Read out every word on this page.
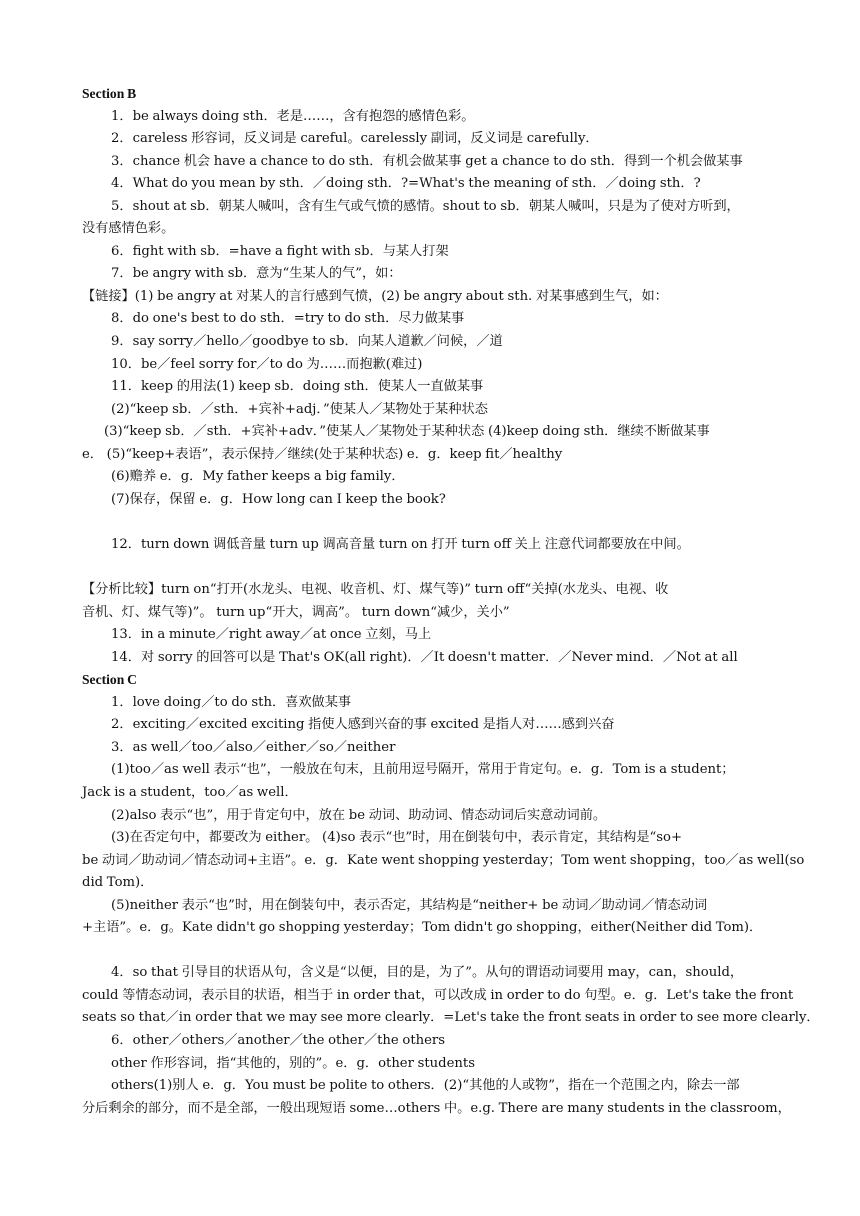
Section B
1．be always doing sth．老是……，含有抱怨的感情色彩。
2．careless 形容词，反义词是 careful。carelessly 副词，反义词是 carefully．
3．chance 机会 have a chance to do sth．有机会做某事 get a chance to do sth．得到一个机会做某事
4．What do you mean by sth．／doing sth．?=What's the meaning of sth．／doing sth．?
5．shout at sb．朝某人喊叫，含有生气或气愤的感情。shout to sb．朝某人喊叫，只是为了使对方听到，
没有感情色彩。
6．fight with sb．=have a fight with sb．与某人打架
7．be angry with sb．意为“生某人的气”，如：
【链接】(1) be angry at 对某人的言行感到气愤，(2) be angry about sth. 对某事感到生气，如：
8．do one's best to do sth．=try to do sth．尽力做某事
9．say sorry／hello／goodbye to sb．向某人道歉／问候，／道
10．be／feel sorry for／to do 为……而抱歉(难过)
11．keep 的用法(1) keep sb．doing sth．使某人一直做某事
(2)“keep sb．／sth．+宾补+adj．”使某人／某物处于某种状态
(3)“keep sb．／sth．+宾补+adv．”使某人／某物处于某种状态 (4)keep doing sth．继续不断做某事
e． (5)“keep+表语”，表示保持／继续(处于某种状态) e．g．keep fit／healthy
(6)赡养 e．g．My father keeps a big family．
(7)保存，保留 e．g．How long can I keep the book?
12．turn down 调低音量 turn up 调高音量 turn on 打开 turn off 关上 注意代词都要放在中间。
【分析比较】turn on“打开(水龙头、电视、收音机、灯、煤气等)” turn off“关掉(水龙头、电视、收
音机、灯、煤气等)”。 turn up“开大，调高”。 turn down“减少，关小”
13．in a minute／right away／at once 立刻，马上
14．对 sorry 的回答可以是 That's OK(all right)．／It doesn't matter．／Never mind．／Not at all
Section C
1．love doing／to do sth．喜欢做某事
2．exciting／excited exciting 指使人感到兴奋的事 excited 是指人对……感到兴奋
3．as well／too／also／either／so／neither
(1)too／as well 表示“也”，一般放在句末，且前用逗号隔开，常用于肯定句。e．g．Tom is a student；
Jack is a student，too／as well．
(2)also 表示“也”，用于肯定句中，放在 be 动词、助动词、情态动词后实意动词前。
(3)在否定句中，都要改为 either。 (4)so 表示“也”时，用在倒装句中，表示肯定，其结构是“so+
be 动词／助动词／情态动词+主语”。e．g．Kate went shopping yesterday；Tom went shopping，too／as well(so
did Tom)．
(5)neither 表示“也”时，用在倒装句中，表示否定，其结构是“neither+ be 动词／助动词／情态动词
+主语”。e．g。Kate didn't go shopping yesterday；Tom didn't go shopping，either(Neither did Tom)．
4．so that 引导目的状语从句，含义是“以便，目的是，为了”。从句的谓语动词要用 may，can，should，
could 等情态动词，表示目的状语，相当于 in order that，可以改成 in order to do 句型。e．g．Let's take the front
seats so that／in order that we may see more clearly．=Let's take the front seats in order to see more clearly．
6．other／others／another／the other／the others
other 作形容词，指“其他的，别的”。e．g．other students
others(1)别人 e．g．You must be polite to others．(2)“其他的人或物”，指在一个范围之内，除去一部
分后剩余的部分，而不是全部，一般出现短语 some…others 中。e.g. There are many students in the classroom，
